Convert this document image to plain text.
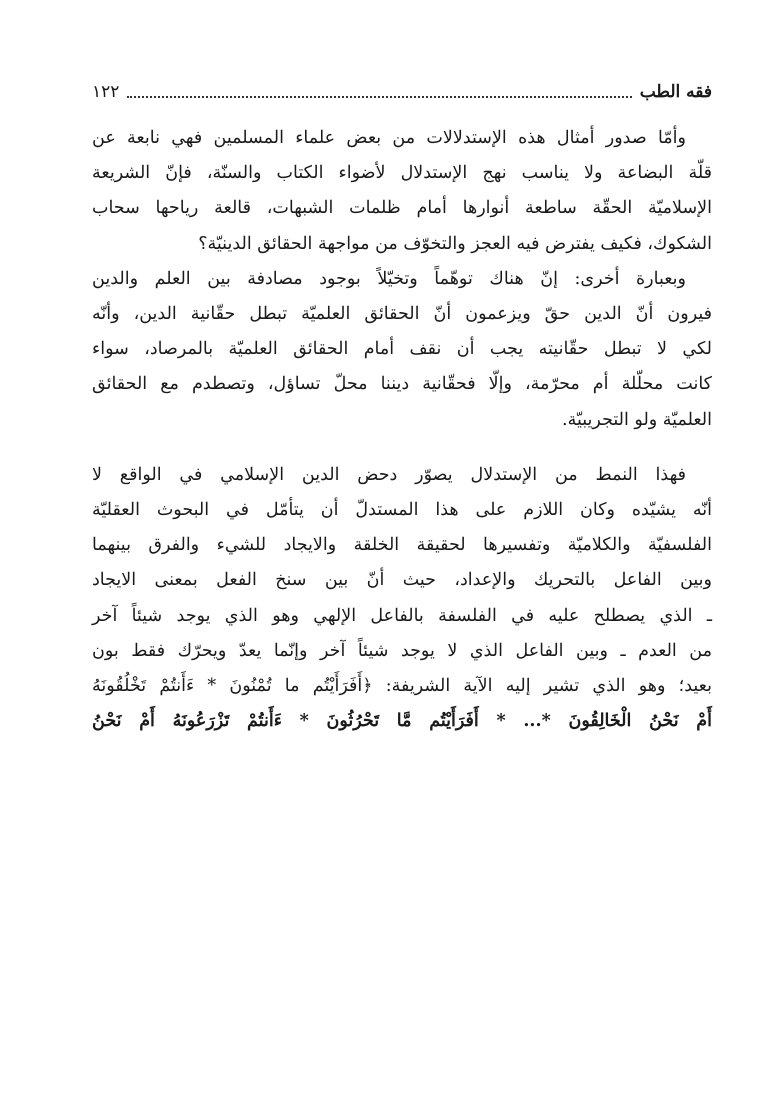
فقه الطب
١٢٢

وأمّا صدور أمثال هذه الإستدلالات من بعض علماء المسلمين فهي نابعة عن
قلّة البضاعة ولا يناسب نهج الإستدلال لأضواء الكتاب والسنّة، فإنّ الشريعة
الإسلاميّة الحقّة ساطعة أنوارها أمام ظلمات الشبهات، قالعة رياحها سحاب
الشكوك، فكيف يفترض فيه العجز والتخوّف من مواجهة الحقائق الدينيّة؟

وبعبارة أخرى: إنّ هناك توهّماً وتخيّلاً بوجود مصادفة بين العلم والدين
فيرون أنّ الدين حقّ ويزعمون أنّ الحقائق العلميّة تبطل حقّانية الدين، وأنّه
لكي لا تبطل حقّانيته يجب أن نقف أمام الحقائق العلميّة بالمرصاد، سواء
كانت محلّلة أم محرّمة، وإلّا فحقّانية ديننا محلّ تساؤل، وتصطدم مع الحقائق
العلميّة ولو التجريبيّة.

فهذا النمط من الإستدلال يصوّر دحض الدين الإسلامي في الواقع لا
أنّه يشيّده وكان اللازم على هذا المستدلّ أن يتأمّل في البحوث العقليّة
الفلسفيّة والكلاميّة وتفسيرها لحقيقة الخلقة والايجاد للشيء والفرق بينهما
وبين الفاعل بالتحريك والإعداد، حيث أنّ بين سنخ الفعل بمعنى الايجاد
ـ الذي يصطلح عليه في الفلسفة بالفاعل الإلهي وهو الذي يوجد شيئاً آخر
من العدم ـ وبين الفاعل الذي لا يوجد شيئاً آخر وإنّما يعدّ ويحرّك فقط بون
بعيد؛ وهو الذي تشير إليه الآية الشريفة: ﴿أَفَرَأَيْتُم ما تُمْنُونَ * ءَأَنتُمْ تَخْلُقُونَهُ
أَمْ نَحْنُ الْخَالِقُونَ *... * أَفَرَأَيْتُم مَّا تَحْرُثُونَ * ءَأَنتُمْ تَزْرَعُونَهُ أَمْ نَحْنُ
